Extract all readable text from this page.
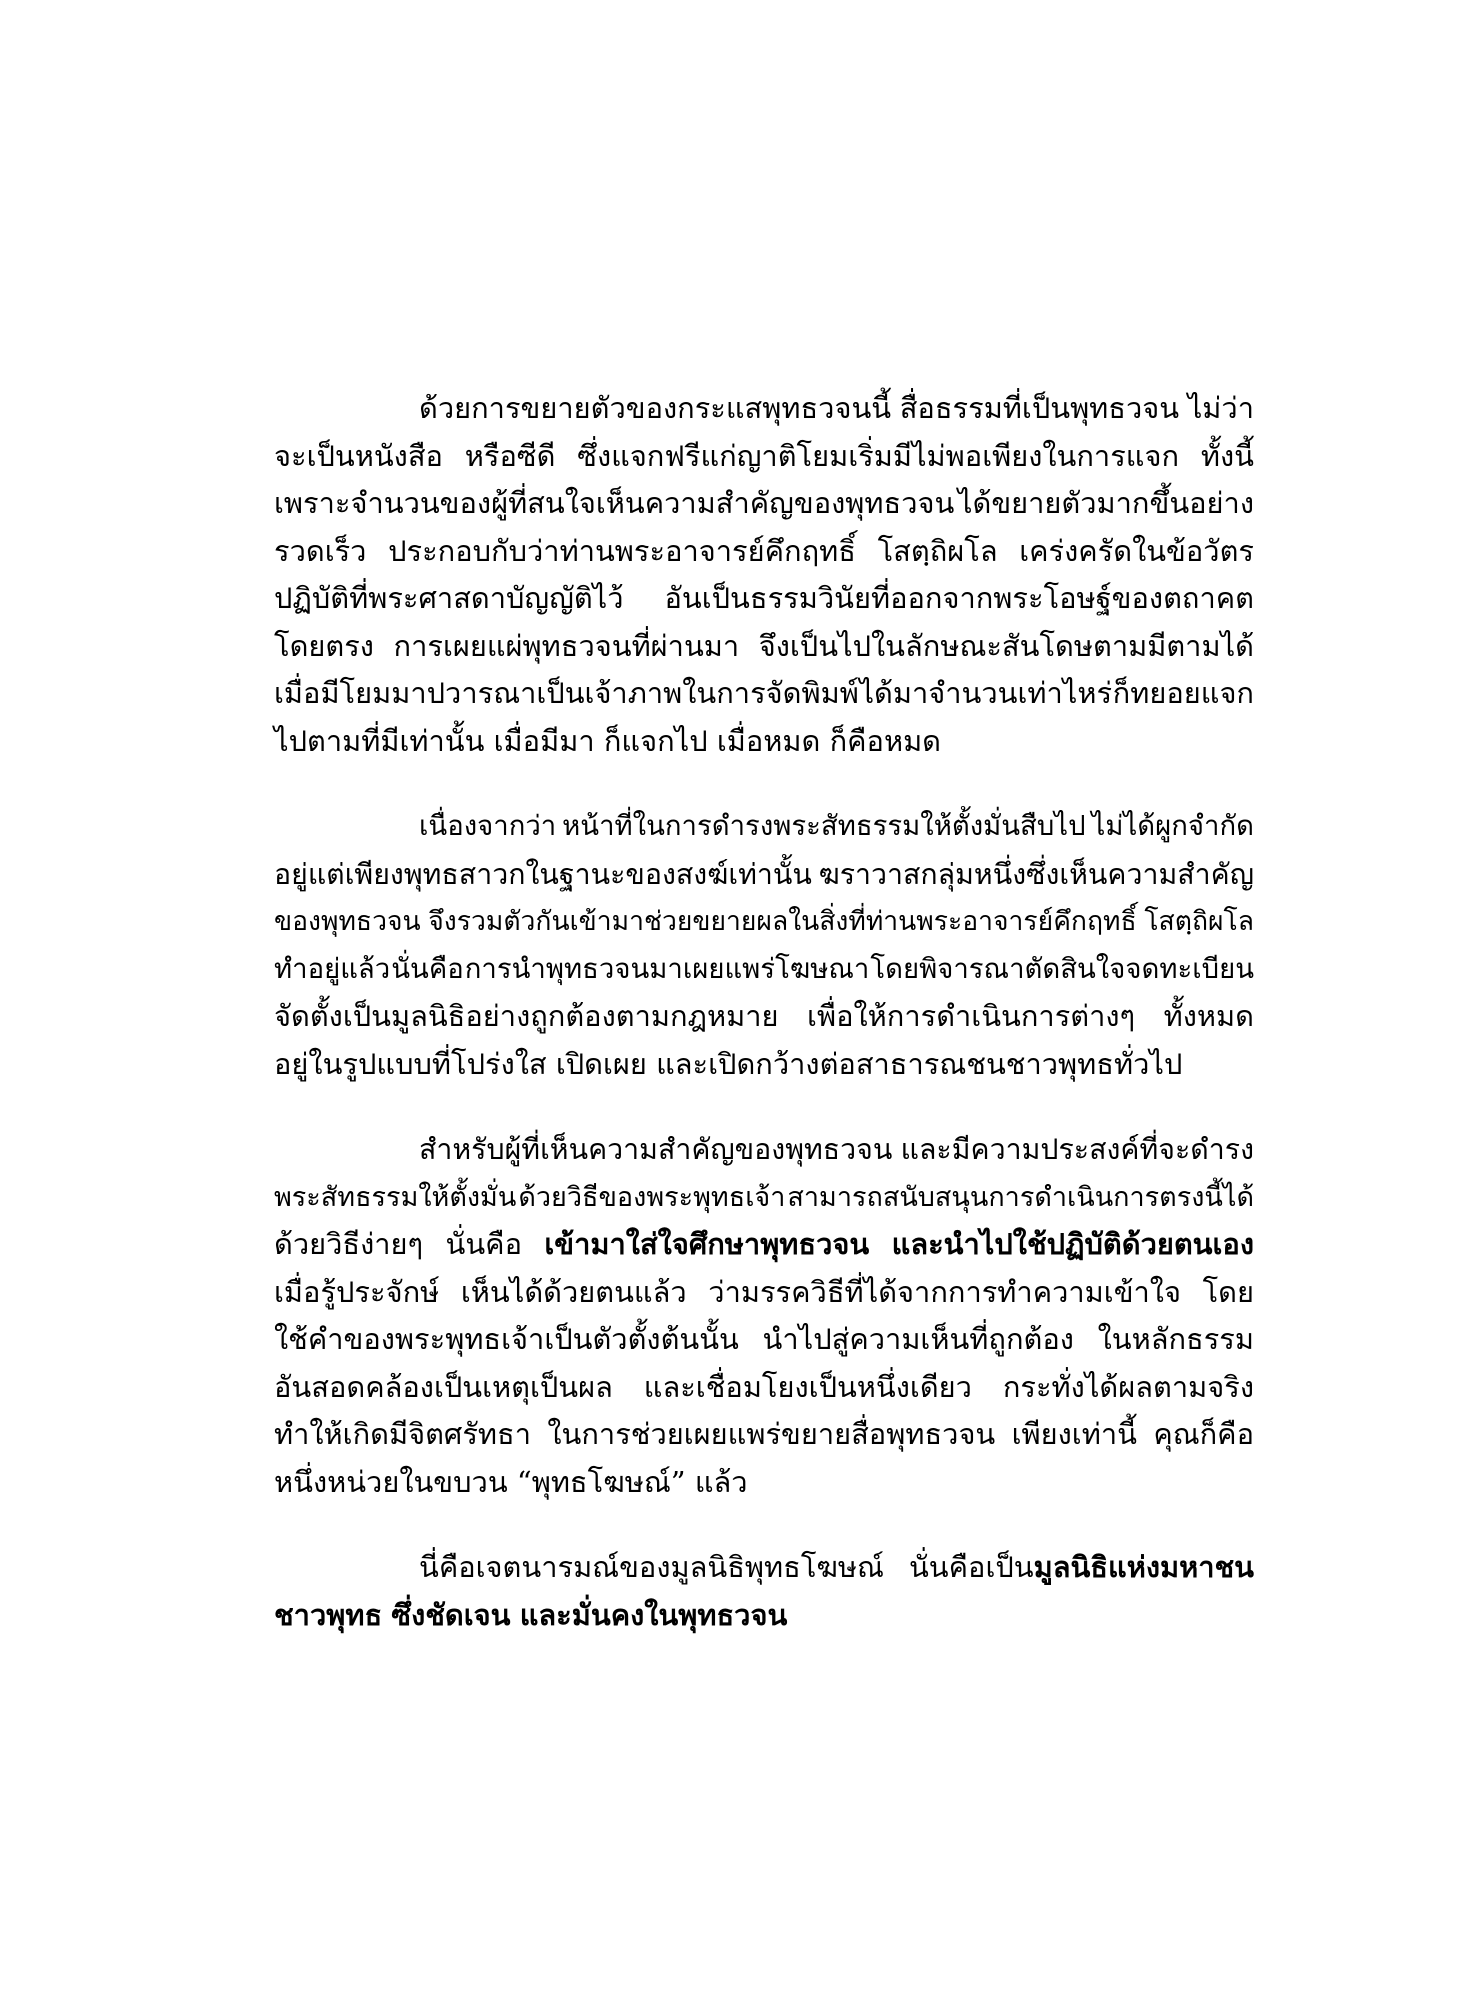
ด้วยการขยายตัวของกระแสพุทธวจนนี้ สื่อธรรมที่เป็นพุทธวจน ไม่ว่า
จะเป็นหนังสือ หรือซีดี ซึ่งแจกฟรีแก่ญาติโยมเริ่มมีไม่พอเพียงในการแจก ทั้งนี้
เพราะจำนวนของผู้ที่สนใจเห็นความสำคัญของพุทธวจน ได้ขยายตัวมากขึ้นอย่าง
รวดเร็ว ประกอบกับว่าท่านพระอาจารย์คึกฤทธิ์ โสตฺถิผโล เคร่งครัดในข้อวัตร
ปฏิบัติที่พระศาสดาบัญญัติไว้ อันเป็นธรรมวินัยที่ออกจากพระโอษฐ์ของตถาคต
โดยตรง การเผยแผ่พุทธวจนที่ผ่านมา จึงเป็นไปในลักษณะสันโดษตามมีตามได้
เมื่อมีโยมมาปวารณาเป็นเจ้าภาพในการจัดพิมพ์ ได้มาจำนวนเท่าไหร่ ก็ทยอยแจก
ไปตามที่มีเท่านั้น
เมื่อมีมา
ก็แจกไป
เมื่อหมด
ก็คือหมด
เนื่องจากว่า หน้าที่ในการดำรงพระสัทธรรมให้ตั้งมั่นสืบไป ไม่ได้ผูกจำกัด
อยู่แต่เพียงพุทธสาวกในฐานะของสงฆ์เท่านั้น ฆราวาสกลุ่มหนึ่งซึ่งเห็นความสำคัญ
ของพุทธวจน จึงรวมตัวกันเข้ามาช่วยขยายผลในสิ่งที่ท่านพระอาจารย์คึกฤทธิ์ โสตฺถิผโล
ทำอยู่แล้ว นั่นคือ การนำพุทธวจนมาเผยแพร่โฆษณา โดยพิจารณาตัดสินใจจดทะเบียน
จัดตั้งเป็นมูลนิธิอย่างถูกต้องตามกฎหมาย เพื่อให้การดำเนินการต่างๆ ทั้งหมด
อยู่ในรูปแบบที่โปร่งใส
เปิดเผย
และเปิดกว้างต่อสาธารณชนชาวพุทธทั่วไป
สำหรับผู้ที่เห็นความสำคัญของพุทธวจน และมีความประสงค์ที่จะดำรง
พระสัทธรรมให้ตั้งมั่น ด้วยวิธีของพระพุทธเจ้า สามารถสนับสนุนการดำเนินการตรงนี้ได้
ด้วยวิธีง่ายๆ นั่นคือ เข้ามาใส่ใจศึกษาพุทธวจน และนำไปใช้ปฏิบัติด้วยตนเอง
เมื่อรู้ประจักษ์ เห็นได้ด้วยตนแล้ว ว่ามรรควิธีที่ได้จากการทำความเข้าใจ โดย
ใช้คำของพระพุทธเจ้าเป็นตัวตั้งต้นนั้น นำไปสู่ความเห็นที่ถูกต้อง ในหลักธรรม
อันสอดคล้องเป็นเหตุเป็นผล และเชื่อมโยงเป็นหนึ่งเดียว กระทั่งได้ผลตามจริง
ทำให้เกิดมีจิตศรัทธา ในการช่วยเผยแพร่ขยายสื่อพุทธวจน เพียงเท่านี้ คุณก็คือ
หนึ่งหน่วยในขบวน
“พุทธโฆษณ์”
แล้ว
นี่คือเจตนารมณ์ของมูลนิธิพุทธโฆษณ์ นั่นคือเป็นมูลนิธิแห่งมหาชน
ชาวพุทธ
ซึ่งชัดเจน
และมั่นคงในพุทธวจน
